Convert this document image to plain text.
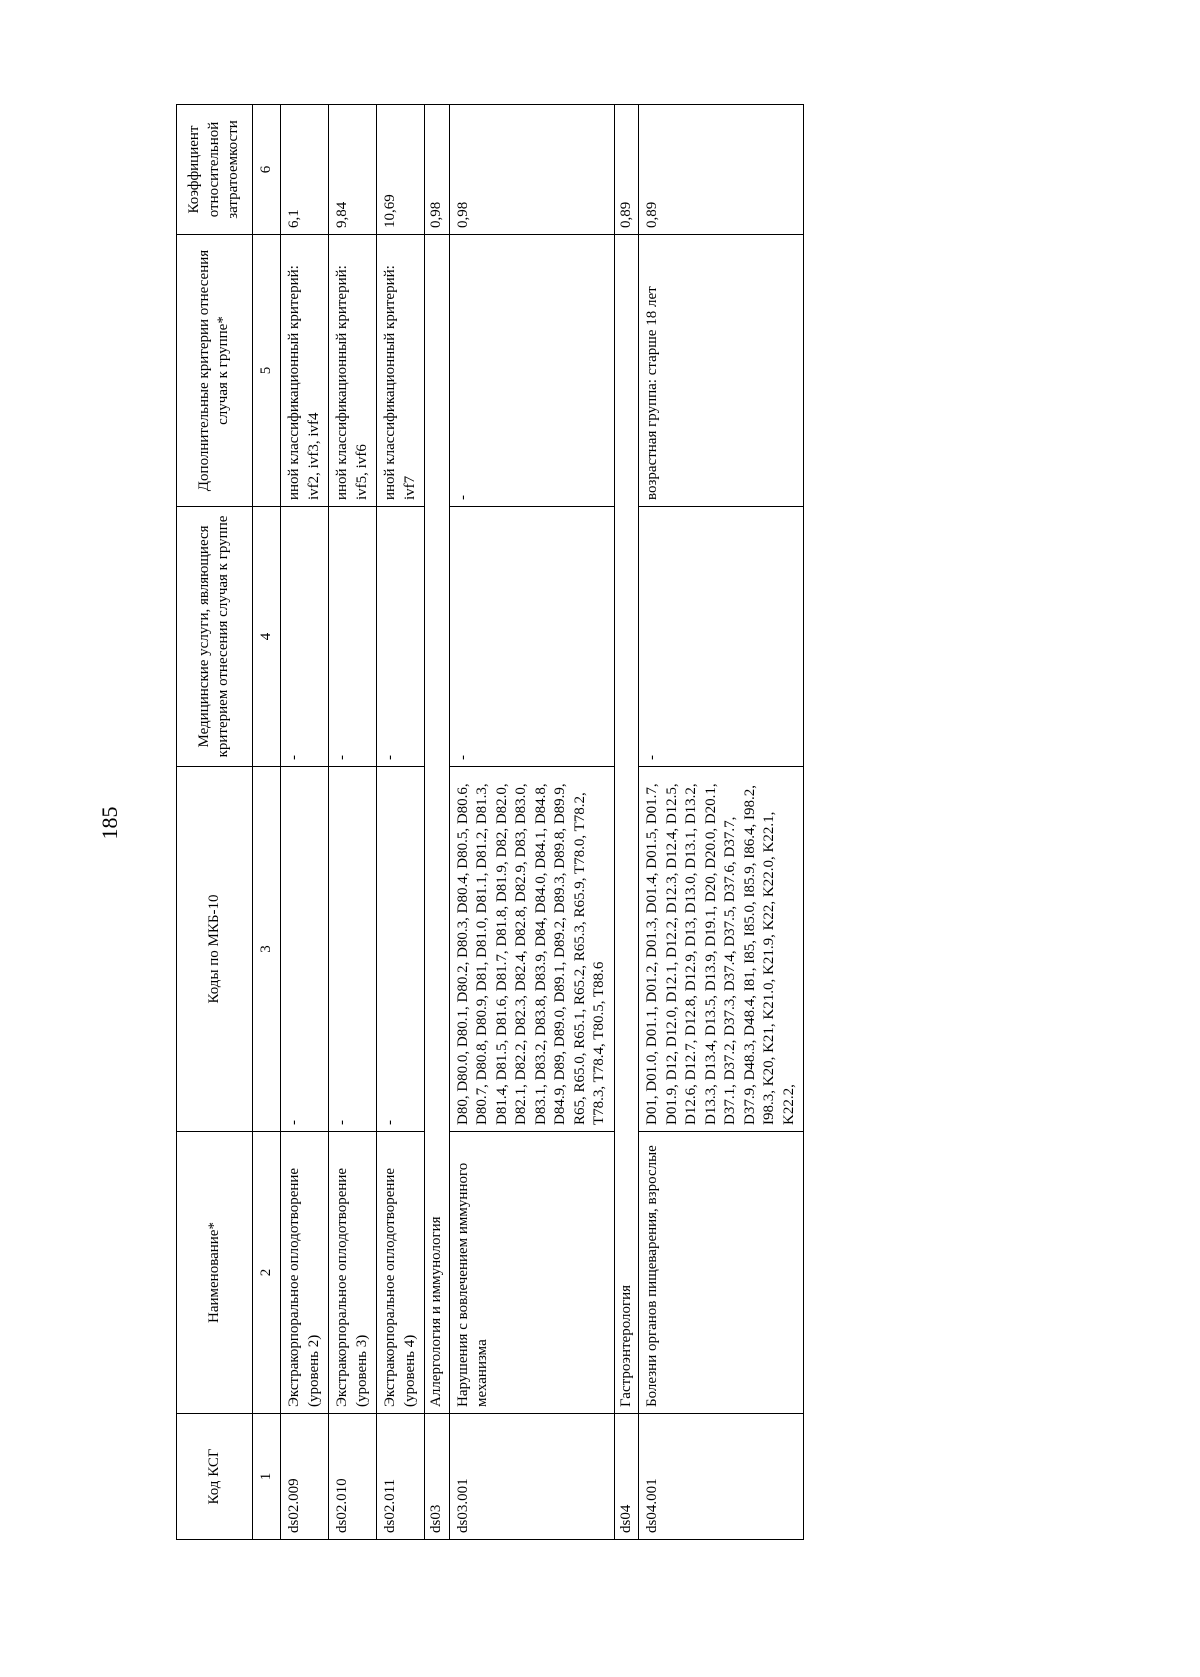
185
Код КСГ	Наименование*	Коды по МКБ-10	Медицинские услуги, являющиеся критерием отнесения случая к группе	Дополнительные критерии отнесения случая к группе*	Коэффициент относительной затратоемкости
1	2	3	4	5	6
ds02.009	Экстракорпоральное оплодотворение (уровень 2)	-	-	иной классификационный критерий: ivf2, ivf3, ivf4	6,1
ds02.010	Экстракорпоральное оплодотворение (уровень 3)	-	-	иной классификационный критерий: ivf5, ivf6	9,84
ds02.011	Экстракорпоральное оплодотворение (уровень 4)	-	-	иной классификационный критерий: ivf7	10,69
ds03	Аллергология и иммунология				0,98
ds03.001	Нарушения с вовлечением иммунного механизма	D80, D80.0, D80.1, D80.2, D80.3, D80.4, D80.5, D80.6, D80.7, D80.8, D80.9, D81, D81.0, D81.1, D81.2, D81.3, D81.4, D81.5, D81.6, D81.7, D81.8, D81.9, D82, D82.0, D82.1, D82.2, D82.3, D82.4, D82.8, D82.9, D83, D83.0, D83.1, D83.2, D83.8, D83.9, D84, D84.0, D84.1, D84.8, D84.9, D89, D89.0, D89.1, D89.2, D89.3, D89.8, D89.9, R65, R65.0, R65.1, R65.2, R65.3, R65.9, T78.0, T78.2, T78.3, T78.4, T80.5, T88.6	-	-	0,98
ds04	Гастроэнтерология				0,89
ds04.001	Болезни органов пищеварения, взрослые	D01, D01.0, D01.1, D01.2, D01.3, D01.4, D01.5, D01.7, D01.9, D12, D12.0, D12.1, D12.2, D12.3, D12.4, D12.5, D12.6, D12.7, D12.8, D12.9, D13, D13.0, D13.1, D13.2, D13.3, D13.4, D13.5, D13.9, D19.1, D20, D20.0, D20.1, D37.1, D37.2, D37.3, D37.4, D37.5, D37.6, D37.7, D37.9, D48.3, D48.4, I81, I85, I85.0, I85.9, I86.4, I98.2, I98.3, K20, K21, K21.0, K21.9, K22, K22.0, K22.1, K22.2,	-	возрастная группа: старше 18 лет	0,89
